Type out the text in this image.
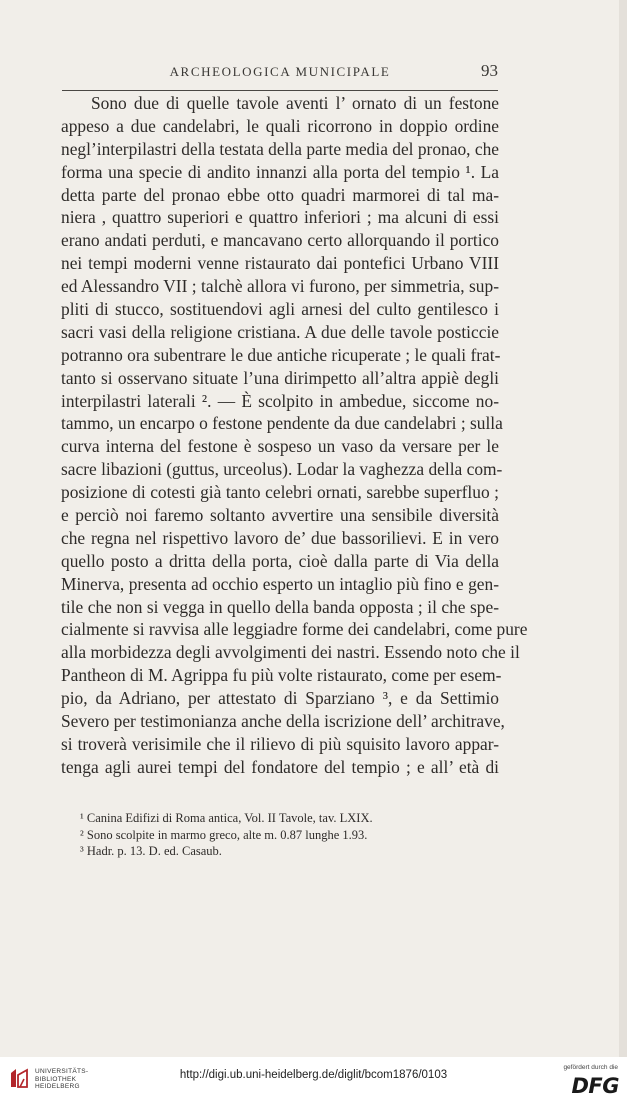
ARCHEOLOGICA MUNICIPALE	93
Sono due di quelle tavole aventi l’ ornato di un festone
appeso a due candelabri, le quali ricorrono in doppio ordine
negl’interpilastri della testata della parte media del pronao, che
forma una specie di andito innanzi alla porta del tempio ¹. La
detta parte del pronao ebbe otto quadri marmorei di tal ma-
niera , quattro superiori e quattro inferiori ; ma alcuni di essi
erano andati perduti, e mancavano certo allorquando il portico
nei tempi moderni venne ristaurato dai pontefici Urbano VIII
ed Alessandro VII ; talchè allora vi furono, per simmetria, sup-
pliti di stucco, sostituendovi agli arnesi del culto gentilesco i
sacri vasi della religione cristiana. A due delle tavole posticcie
potranno ora subentrare le due antiche ricuperate ; le quali frat-
tanto si osservano situate l’una dirimpetto all’altra appiè degli
interpilastri laterali ². — È scolpito in ambedue, siccome no-
tammo, un encarpo o festone pendente da due candelabri ; sulla
curva interna del festone è sospeso un vaso da versare per le
sacre libazioni (guttus, urceolus). Lodar la vaghezza della com-
posizione di cotesti già tanto celebri ornati, sarebbe superfluo ;
e perciò noi faremo soltanto avvertire una sensibile diversità
che regna nel rispettivo lavoro de’ due bassorilievi. E in vero
quello posto a dritta della porta, cioè dalla parte di Via della
Minerva, presenta ad occhio esperto un intaglio più fino e gen-
tile che non si vegga in quello della banda opposta ; il che spe-
cialmente si ravvisa alle leggiadre forme dei candelabri, come pure
alla morbidezza degli avvolgimenti dei nastri. Essendo noto che il
Pantheon di M. Agrippa fu più volte ristaurato, come per esem-
pio, da Adriano, per attestato di Sparziano ³, e da Settimio
Severo per testimonianza anche della iscrizione dell’ architrave,
si troverà verisimile che il rilievo di più squisito lavoro appar-
tenga agli aurei tempi del fondatore del tempio ; e all’ età di
¹ Canina Edifizi di Roma antica, Vol. II Tavole, tav. LXIX.
² Sono scolpite in marmo greco, alte m. 0.87 lunghe 1.93.
³ Hadr. p. 13. D. ed. Casaub.
UNIVERSITÄTS-
BIBLIOTHEK
HEIDELBERG
http://digi.ub.uni-heidelberg.de/diglit/bcom1876/0103
gefördert durch die
DFG
